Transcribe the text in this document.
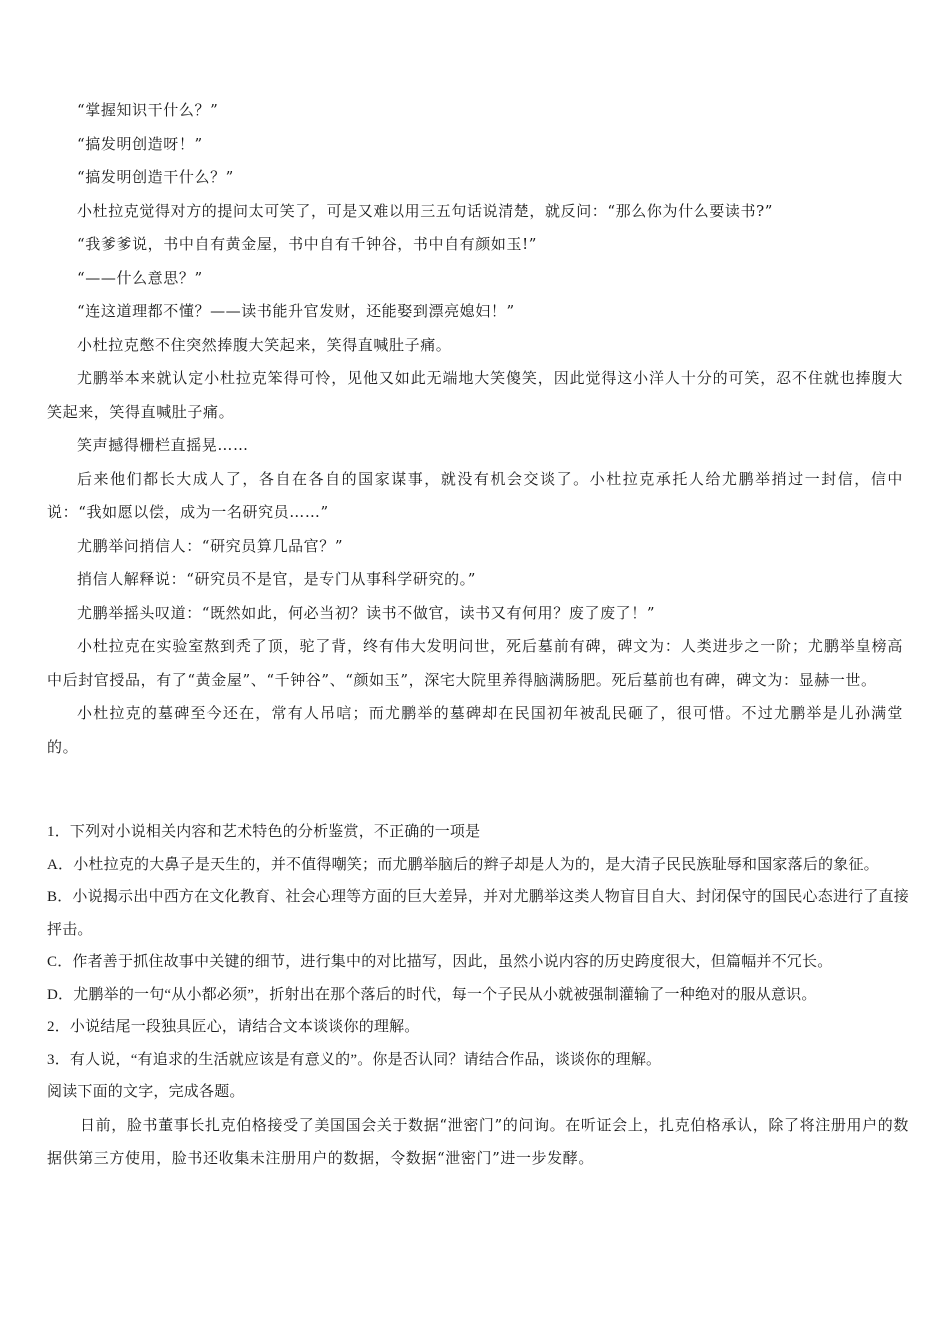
“掌握知识干什么？”

“搞发明创造呀！”

“搞发明创造干什么？”

小杜拉克觉得对方的提问太可笑了，可是又难以用三五句话说清楚，就反问：“那么你为什么要读书?”

“我爹爹说，书中自有黄金屋，书中自有千钟谷，书中自有颜如玉!”

“——什么意思？”

“连这道理都不懂？——读书能升官发财，还能娶到漂亮媳妇！”

小杜拉克憋不住突然捧腹大笑起来，笑得直喊肚子痛。

尤鹏举本来就认定小杜拉克笨得可怜，见他又如此无端地大笑傻笑，因此觉得这小洋人十分的可笑，忍不住就也捧腹大笑起来，笑得直喊肚子痛。

笑声撼得栅栏直摇晃……

后来他们都长大成人了，各自在各自的国家谋事，就没有机会交谈了。小杜拉克承托人给尤鹏举捎过一封信，信中说：“我如愿以偿，成为一名研究员……”

尤鹏举问捎信人：“研究员算几品官？”

捎信人解释说：“研究员不是官，是专门从事科学研究的。”

尤鹏举摇头叹道：“既然如此，何必当初？读书不做官，读书又有何用？废了废了！”

小杜拉克在实验室熬到秃了顶，驼了背，终有伟大发明问世，死后墓前有碑，碑文为：人类进步之一阶；尤鹏举皇榜高中后封官授品，有了“黄金屋”、“千钟谷”、“颜如玉”，深宅大院里养得脑满肠肥。死后墓前也有碑，碑文为：显赫一世。

小杜拉克的墓碑至今还在，常有人吊唁；而尤鹏举的墓碑却在民国初年被乱民砸了，很可惜。不过尤鹏举是儿孙满堂的。

1．下列对小说相关内容和艺术特色的分析鉴赏，不正确的一项是

A．小杜拉克的大鼻子是天生的，并不值得嘲笑；而尤鹏举脑后的辫子却是人为的，是大清子民民族耻辱和国家落后的象征。

B．小说揭示出中西方在文化教育、社会心理等方面的巨大差异，并对尤鹏举这类人物盲目自大、封闭保守的国民心态进行了直接抨击。

C．作者善于抓住故事中关键的细节，进行集中的对比描写，因此，虽然小说内容的历史跨度很大，但篇幅并不冗长。

D．尤鹏举的一句“从小都必须”，折射出在那个落后的时代，每一个子民从小就被强制灌输了一种绝对的服从意识。

2．小说结尾一段独具匠心，请结合文本谈谈你的理解。

3．有人说，“有追求的生活就应该是有意义的”。你是否认同？请结合作品，谈谈你的理解。

阅读下面的文字，完成各题。

日前，脸书董事长扎克伯格接受了美国国会关于数据“泄密门”的问询。在听证会上，扎克伯格承认，除了将注册用户的数据供第三方使用，脸书还收集未注册用户的数据，令数据“泄密门”进一步发酵。
